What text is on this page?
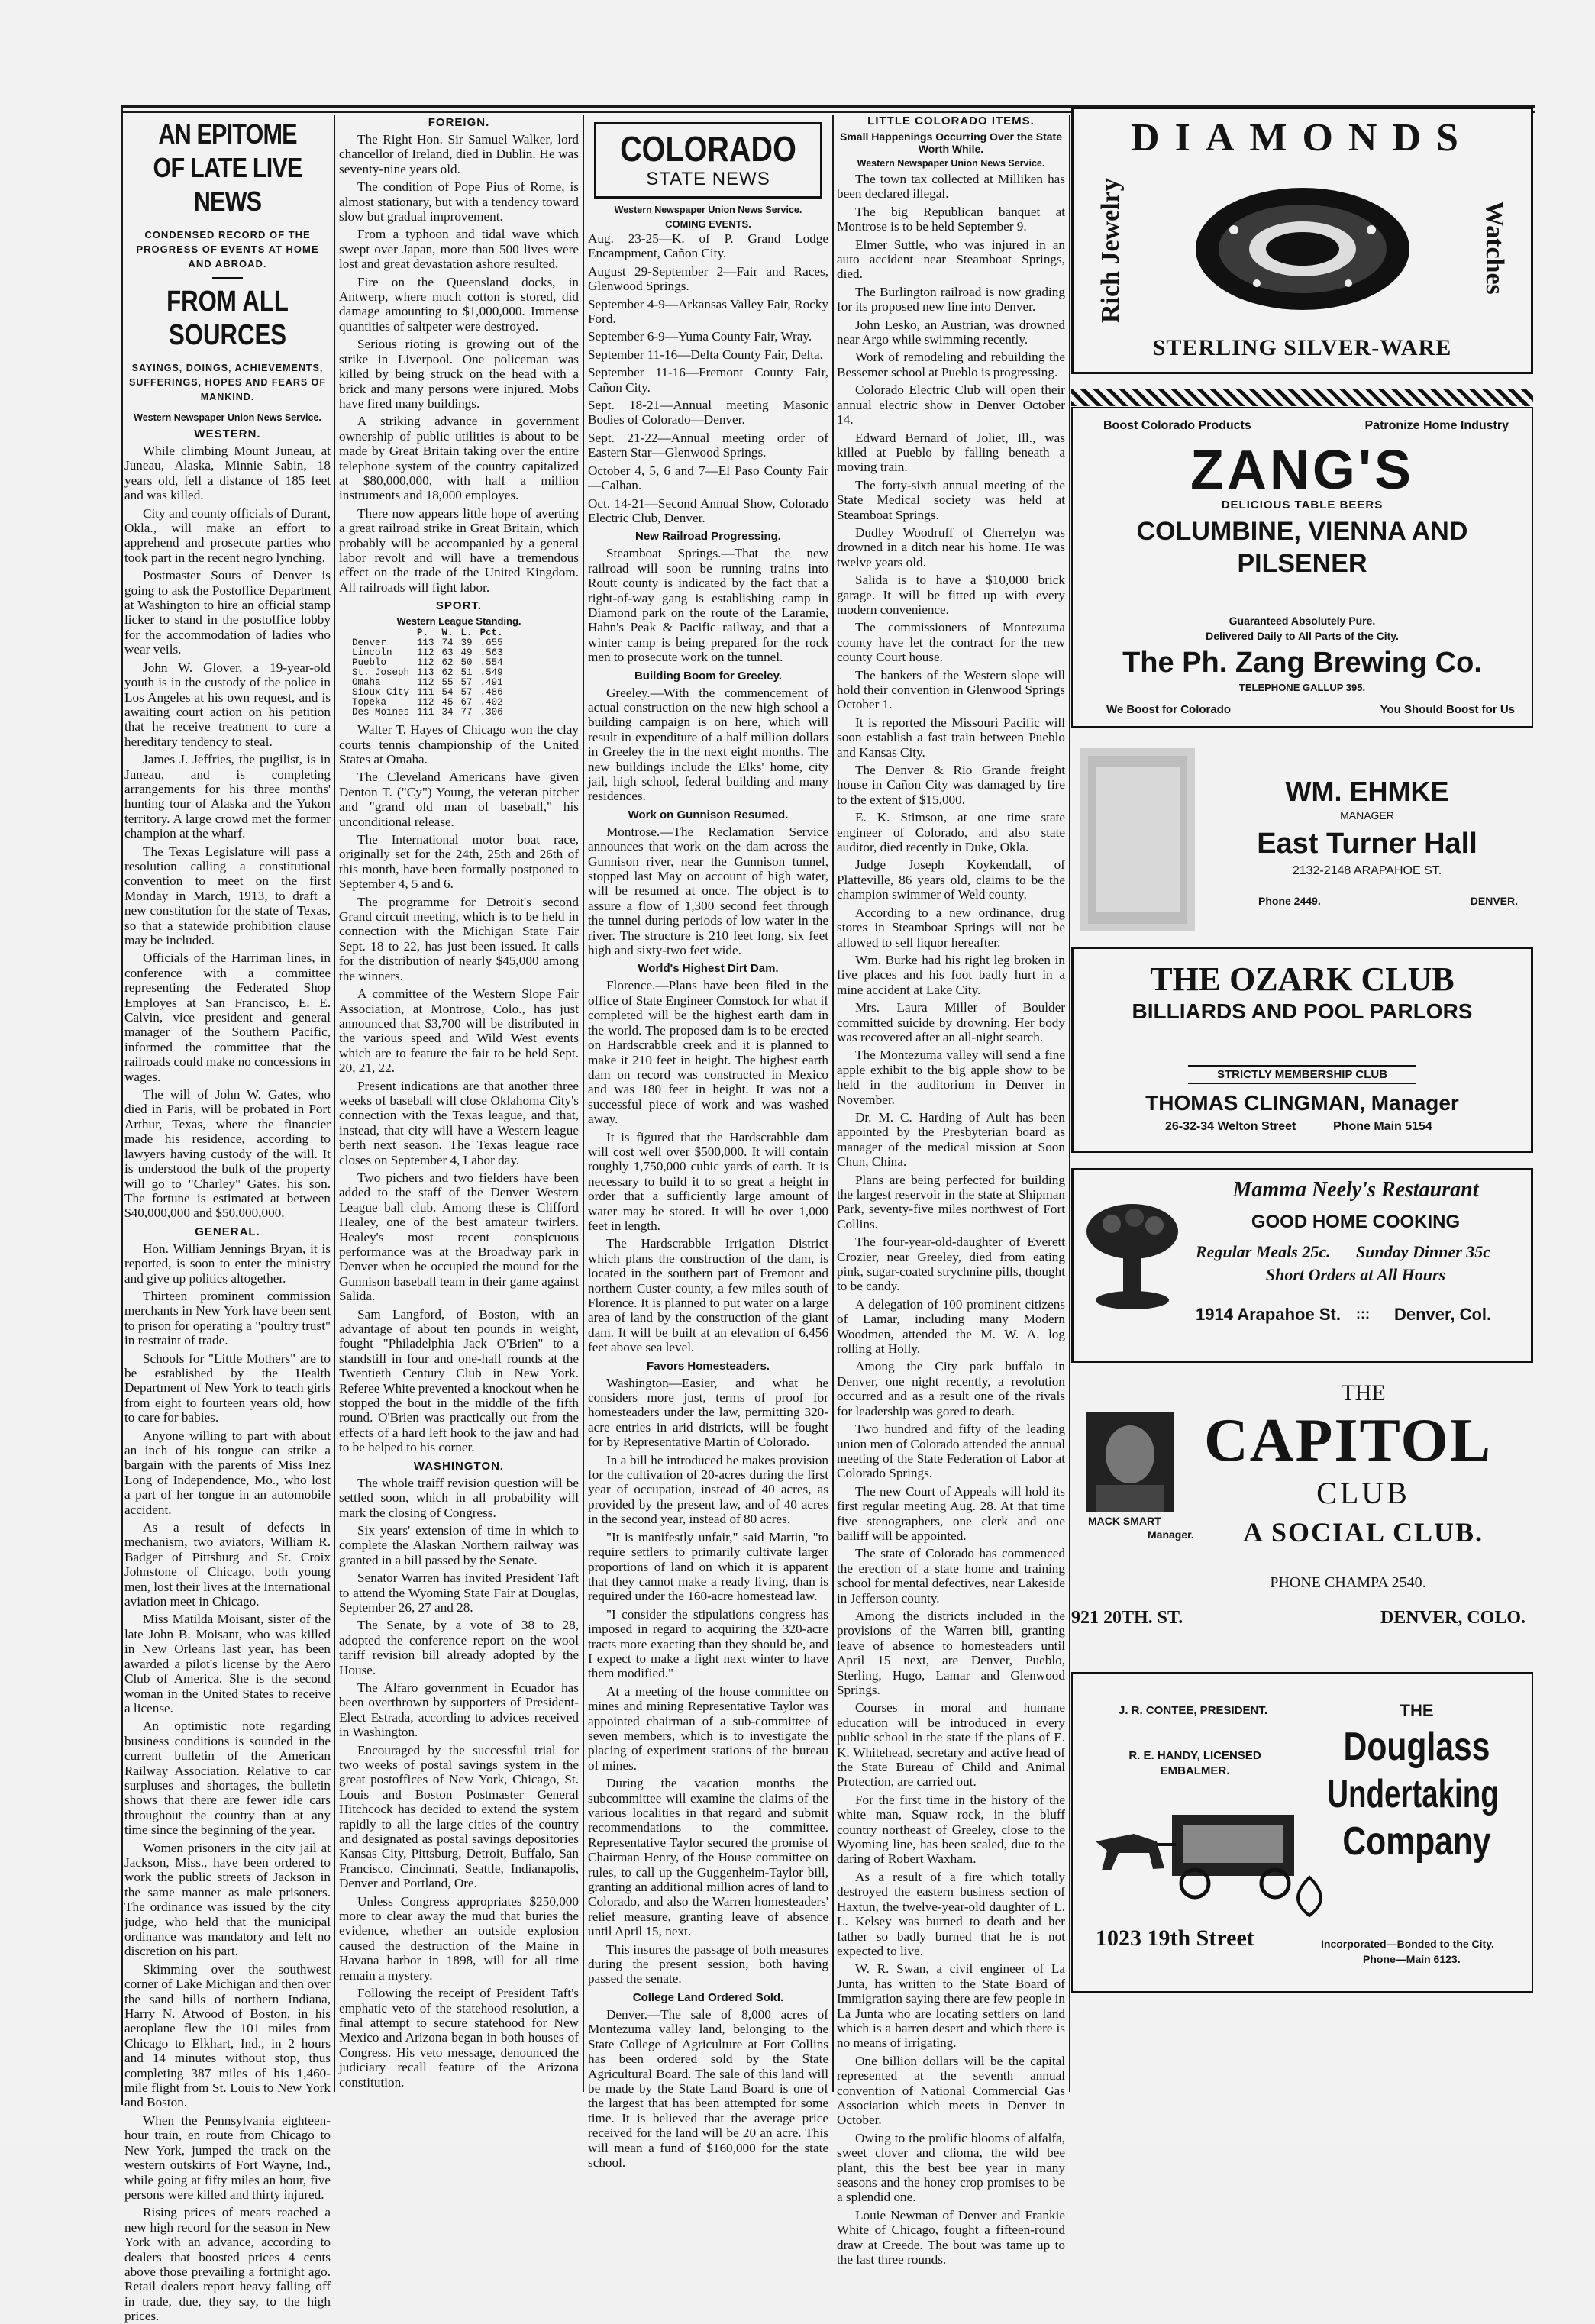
AN EPITOME OF LATE LIVE NEWS
CONDENSED RECORD OF THE PROGRESS OF EVENTS AT HOME AND ABROAD.
FROM ALL SOURCES
SAYINGS, DOINGS, ACHIEVEMENTS, SUFFERINGS, HOPES AND FEARS OF MANKIND.
Western Newspaper Union News Service.
WESTERN.

While climbing Mount Juneau, at Juneau, Alaska, Minnie Sabin, 18 years old, fell a distance of 185 feet and was killed.

City and county officials of Durant, Okla., will make an effort to apprehend and prosecute parties who took part in the recent negro lynching.

Postmaster Sours of Denver is going to ask the Postoffice Department at Washington to hire an official stamp licker to stand in the postoffice lobby for the accommodation of ladies who wear veils.

John W. Glover, a 19-year-old youth is in the custody of the police in Los Angeles at his own request, and is awaiting court action on his petition that he receive treatment to cure a hereditary tendency to steal.

James J. Jeffries, the pugilist, is in Juneau, and is completing arrangements for his three months' hunting tour of Alaska and the Yukon territory. A large crowd met the former champion at the wharf.

The Texas Legislature will pass a resolution calling a constitutional convention to meet on the first Monday in March, 1913, to draft a new constitution for the state of Texas, so that a statewide prohibition clause may be included.

Officials of the Harriman lines, in conference with a committee representing the Federated Shop Employes at San Francisco, E. E. Calvin, vice president and general manager of the Southern Pacific, informed the committee that the railroads could make no concessions in wages.

The will of John W. Gates, who died in Paris, will be probated in Port Arthur, Texas, where the financier made his residence, according to lawyers having custody of the will. It is understood the bulk of the property will go to "Charley" Gates, his son. The fortune is estimated at between $40,000,000 and $50,000,000.

GENERAL.

Hon. William Jennings Bryan, it is reported, is soon to enter the ministry and give up politics altogether.

Thirteen prominent commission merchants in New York have been sent to prison for operating a "poultry trust" in restraint of trade.

Schools for "Little Mothers" are to be established by the Health Department of New York to teach girls from eight to fourteen years old, how to care for babies.

Anyone willing to part with about an inch of his tongue can strike a bargain with the parents of Miss Inez Long of Independence, Mo., who lost a part of her tongue in an automobile accident.

As a result of defects in mechanism, two aviators, William R. Badger of Pittsburg and St. Croix Johnstone of Chicago, both young men, lost their lives at the International aviation meet in Chicago.

Miss Matilda Moisant, sister of the late John B. Moisant, who was killed in New Orleans last year, has been awarded a pilot's license by the Aero Club of America. She is the second woman in the United States to receive a license.

An optimistic note regarding business conditions is sounded in the current bulletin of the American Railway Association. Relative to car surpluses and shortages, the bulletin shows that there are fewer idle cars throughout the country than at any time since the beginning of the year.

Women prisoners in the city jail at Jackson, Miss., have been ordered to work the public streets of Jackson in the same manner as male prisoners. The ordinance was issued by the city judge, who held that the municipal ordinance was mandatory and left no discretion on his part.

Skimming over the southwest corner of Lake Michigan and then over the sand hills of northern Indiana, Harry N. Atwood of Boston, in his aeroplane flew the 101 miles from Chicago to Elkhart, Ind., in 2 hours and 14 minutes without stop, thus completing 387 miles of his 1,460-mile flight from St. Louis to New York and Boston.

When the Pennsylvania eighteen-hour train, en route from Chicago to New York, jumped the track on the western outskirts of Fort Wayne, Ind., while going at fifty miles an hour, five persons were killed and thirty injured.

Rising prices of meats reached a new high record for the season in New York with an advance, according to dealers that boosted prices 4 cents above those prevailing a fortnight ago. Retail dealers report heavy falling off in trade, due, they say, to the high prices.

FOREIGN.

The Right Hon. Sir Samuel Walker, lord chancellor of Ireland, died in Dublin. He was seventy-nine years old.

The condition of Pope Pius of Rome, is almost stationary, but with a tendency toward slow but gradual improvement.

From a typhoon and tidal wave which swept over Japan, more than 500 lives were lost and great devastation ashore resulted.

Fire on the Queensland docks, in Antwerp, where much cotton is stored, did damage amounting to $1,000,000. Immense quantities of saltpeter were destroyed.

Serious rioting is growing out of the strike in Liverpool. One policeman was killed by being struck on the head with a brick and many persons were injured. Mobs have fired many buildings.

A striking advance in government ownership of public utilities is about to be made by Great Britain taking over the entire telephone system of the country capitalized at $80,000,000, with half a million instruments and 18,000 employes.

There now appears little hope of averting a great railroad strike in Great Britain, which probably will be accompanied by a general labor revolt and will have a tremendous effect on the trade of the United Kingdom. All railroads will fight labor.

SPORT.
Western League Standing.
	P.	W.	L.	Pct.
Denver	113	74	39	.655
Lincoln	112	63	49	.563
Pueblo	112	62	50	.554
St. Joseph	113	62	51	.549
Omaha	112	55	57	.491
Sioux City	111	54	57	.486
Topeka	112	45	67	.402
Des Moines	111	34	77	.306

Walter T. Hayes of Chicago won the clay courts tennis championship of the United States at Omaha.

The Cleveland Americans have given Denton T. ("Cy") Young, the veteran pitcher and "grand old man of baseball," his unconditional release.

The International motor boat race, originally set for the 24th, 25th and 26th of this month, have been formally postponed to September 4, 5 and 6.

The programme for Detroit's second Grand circuit meeting, which is to be held in connection with the Michigan State Fair Sept. 18 to 22, has just been issued. It calls for the distribution of nearly $45,000 among the winners.

A committee of the Western Slope Fair Association, at Montrose, Colo., has just announced that $3,700 will be distributed in the various speed and Wild West events which are to feature the fair to be held Sept. 20, 21, 22.

Present indications are that another three weeks of baseball will close Oklahoma City's connection with the Texas league, and that, instead, that city will have a Western league berth next season. The Texas league race closes on September 4, Labor day.

Two pichers and two fielders have been added to the staff of the Denver Western League ball club. Among these is Clifford Healey, one of the best amateur twirlers. Healey's most recent conspicuous performance was at the Broadway park in Denver when he occupied the mound for the Gunnison baseball team in their game against Salida.

Sam Langford, of Boston, with an advantage of about ten pounds in weight, fought "Philadelphia Jack O'Brien" to a standstill in four and one-half rounds at the Twentieth Century Club in New York. Referee White prevented a knockout when he stopped the bout in the middle of the fifth round. O'Brien was practically out from the effects of a hard left hook to the jaw and had to be helped to his corner.

WASHINGTON.

The whole traiff revision question will be settled soon, which in all probability will mark the closing of Congress.

Six years' extension of time in which to complete the Alaskan Northern railway was granted in a bill passed by the Senate.

Senator Warren has invited President Taft to attend the Wyoming State Fair at Douglas, September 26, 27 and 28.

The Senate, by a vote of 38 to 28, adopted the conference report on the wool tariff revision bill already adopted by the House.

The Alfaro government in Ecuador has been overthrown by supporters of President-Elect Estrada, according to advices received in Washington.

Encouraged by the successful trial for two weeks of postal savings system in the great postoffices of New York, Chicago, St. Louis and Boston Postmaster General Hitchcock has decided to extend the system rapidly to all the large cities of the country and designated as postal savings depositories Kansas City, Pittsburg, Detroit, Buffalo, San Francisco, Cincinnati, Seattle, Indianapolis, Denver and Portland, Ore.

Unless Congress appropriates $250,000 more to clear away the mud that buries the evidence, whether an outside explosion caused the destruction of the Maine in Havana harbor in 1898, will for all time remain a mystery.

Following the receipt of President Taft's emphatic veto of the statehood resolution, a final attempt to secure statehood for New Mexico and Arizona began in both houses of Congress. His veto message, denounced the judiciary recall feature of the Arizona constitution.

COLORADO
STATE NEWS
Western Newspaper Union News Service.
COMING EVENTS.

Aug. 23-25—K. of P. Grand Lodge Encampment, Cañon City.

August 29-September 2—Fair and Races, Glenwood Springs.

September 4-9—Arkansas Valley Fair, Rocky Ford.

September 6-9—Yuma County Fair, Wray.

September 11-16—Delta County Fair, Delta.

September 11-16—Fremont County Fair, Cañon City.

Sept. 18-21—Annual meeting Masonic Bodies of Colorado—Denver.

Sept. 21-22—Annual meeting order of Eastern Star—Glenwood Springs.

October 4, 5, 6 and 7—El Paso County Fair—Calhan.

Oct. 14-21—Second Annual Show, Colorado Electric Club, Denver.

New Railroad Progressing.

Steamboat Springs.—That the new railroad will soon be running trains into Routt county is indicated by the fact that a right-of-way gang is establishing camp in Diamond park on the route of the Laramie, Hahn's Peak & Pacific railway, and that a winter camp is being prepared for the rock men to prosecute work on the tunnel.

Building Boom for Greeley.

Greeley.—With the commencement of actual construction on the new high school a building campaign is on here, which will result in expenditure of a half million dollars in Greeley the in the next eight months. The new buildings include the Elks' home, city jail, high school, federal building and many residences.

Work on Gunnison Resumed.

Montrose.—The Reclamation Service announces that work on the dam across the Gunnison river, near the Gunnison tunnel, stopped last May on account of high water, will be resumed at once. The object is to assure a flow of 1,300 second feet through the tunnel during periods of low water in the river. The structure is 210 feet long, six feet high and sixty-two feet wide.

World's Highest Dirt Dam.

Florence.—Plans have been filed in the office of State Engineer Comstock for what if completed will be the highest earth dam in the world. The proposed dam is to be erected on Hardscrabble creek and it is planned to make it 210 feet in height. The highest earth dam on record was constructed in Mexico and was 180 feet in height. It was not a successful piece of work and was washed away.

It is figured that the Hardscrabble dam will cost well over $500,000. It will contain roughly 1,750,000 cubic yards of earth. It is necessary to build it to so great a height in order that a sufficiently large amount of water may be stored. It will be over 1,000 feet in length.

The Hardscrabble Irrigation District which plans the construction of the dam, is located in the southern part of Fremont and northern Custer county, a few miles south of Florence. It is planned to put water on a large area of land by the construction of the giant dam. It will be built at an elevation of 6,456 feet above sea level.

Favors Homesteaders.

Washington—Easier, and what he considers more just, terms of proof for homesteaders under the law, permitting 320-acre entries in arid districts, will be fought for by Representative Martin of Colorado.

In a bill he introduced he makes provision for the cultivation of 20-acres during the first year of occupation, instead of 40 acres, as provided by the present law, and of 40 acres in the second year, instead of 80 acres.

"It is manifestly unfair," said Martin, "to require settlers to primarily cultivate larger proportions of land on which it is apparent that they cannot make a ready living, than is required under the 160-acre homestead law.

"I consider the stipulations congress has imposed in regard to acquiring the 320-acre tracts more exacting than they should be, and I expect to make a fight next winter to have them modified."

At a meeting of the house committee on mines and mining Representative Taylor was appointed chairman of a sub-committee of seven members, which is to investigate the placing of experiment stations of the bureau of mines.

During the vacation months the subcommittee will examine the claims of the various localities in that regard and submit recommendations to the committee. Representative Taylor secured the promise of Chairman Henry, of the House committee on rules, to call up the Guggenheim-Taylor bill, granting an additional million acres of land to Colorado, and also the Warren homesteaders' relief measure, granting leave of absence until April 15, next.

This insures the passage of both measures during the present session, both having passed the senate.

College Land Ordered Sold.

Denver.—The sale of 8,000 acres of Montezuma valley land, belonging to the State College of Agriculture at Fort Collins has been ordered sold by the State Agricultural Board. The sale of this land will be made by the State Land Board is one of the largest that has been attempted for some time. It is believed that the average price received for the land will be 20 an acre. This will mean a fund of $160,000 for the state school.

LITTLE COLORADO ITEMS.
Small Happenings Occurring Over the State Worth While.
Western Newspaper Union News Service.

The town tax collected at Milliken has been declared illegal.

The big Republican banquet at Montrose is to be held September 9.

Elmer Suttle, who was injured in an auto accident near Steamboat Springs, died.

The Burlington railroad is now grading for its proposed new line into Denver.

John Lesko, an Austrian, was drowned near Argo while swimming recently.

Work of remodeling and rebuilding the Bessemer school at Pueblo is progressing.

Colorado Electric Club will open their annual electric show in Denver October 14.

Edward Bernard of Joliet, Ill., was killed at Pueblo by falling beneath a moving train.

The forty-sixth annual meeting of the State Medical society was held at Steamboat Springs.

Dudley Woodruff of Cherrelyn was drowned in a ditch near his home. He was twelve years old.

Salida is to have a $10,000 brick garage. It will be fitted up with every modern convenience.

The commissioners of Montezuma county have let the contract for the new county Court house.

The bankers of the Western slope will hold their convention in Glenwood Springs October 1.

It is reported the Missouri Pacific will soon establish a fast train between Pueblo and Kansas City.

The Denver & Rio Grande freight house in Cañon City was damaged by fire to the extent of $15,000.

E. K. Stimson, at one time state engineer of Colorado, and also state auditor, died recently in Duke, Okla.

Judge Joseph Koykendall, of Platteville, 86 years old, claims to be the champion swimmer of Weld county.

According to a new ordinance, drug stores in Steamboat Springs will not be allowed to sell liquor hereafter.

Wm. Burke had his right leg broken in five places and his foot badly hurt in a mine accident at Lake City.

Mrs. Laura Miller of Boulder committed suicide by drowning. Her body was recovered after an all-night search.

The Montezuma valley will send a fine apple exhibit to the big apple show to be held in the auditorium in Denver in November.

Dr. M. C. Harding of Ault has been appointed by the Presbyterian board as manager of the medical mission at Soon Chun, China.

Plans are being perfected for building the largest reservoir in the state at Shipman Park, seventy-five miles northwest of Fort Collins.

The four-year-old-daughter of Everett Crozier, near Greeley, died from eating pink, sugar-coated strychnine pills, thought to be candy.

A delegation of 100 prominent citizens of Lamar, including many Modern Woodmen, attended the M. W. A. log rolling at Holly.

Among the City park buffalo in Denver, one night recently, a revolution occurred and as a result one of the rivals for leadership was gored to death.

Two hundred and fifty of the leading union men of Colorado attended the annual meeting of the State Federation of Labor at Colorado Springs.

The new Court of Appeals will hold its first regular meeting Aug. 28. At that time five stenographers, one clerk and one bailiff will be appointed.

The state of Colorado has commenced the erection of a state home and training school for mental defectives, near Lakeside in Jefferson county.

Among the districts included in the provisions of the Warren bill, granting leave of absence to homesteaders until April 15 next, are Denver, Pueblo, Sterling, Hugo, Lamar and Glenwood Springs.

Courses in moral and humane education will be introduced in every public school in the state if the plans of E. K. Whitehead, secretary and active head of the State Bureau of Child and Animal Protection, are carried out.

For the first time in the history of the white man, Squaw rock, in the bluff country northeast of Greeley, close to the Wyoming line, has been scaled, due to the daring of Robert Waxham.

As a result of a fire which totally destroyed the eastern business section of Haxtun, the twelve-year-old daughter of L. L. Kelsey was burned to death and her father so badly burned that he is not expected to live.

W. R. Swan, a civil engineer of La Junta, has written to the State Board of Immigration saying there are few people in La Junta who are locating settlers on land which is a barren desert and which there is no means of irrigating.

One billion dollars will be the capital represented at the seventh annual convention of National Commercial Gas Association which meets in Denver in October.

Owing to the prolific blooms of alfalfa, sweet clover and clioma, the wild bee plant, this the best bee year in many seasons and the honey crop promises to be a splendid one.

Louie Newman of Denver and Frankie White of Chicago, fought a fifteen-round draw at Creede. The bout was tame up to the last three rounds.

DIAMONDS
Rich Jewelry	Watches
STERLING SILVER-WARE
Boost Colorado Products	Patronize Home Industry
ZANG'S
DELICIOUS TABLE BEERS
COLUMBINE, VIENNA AND PILSENER
Guaranteed Absolutely Pure.
Delivered Daily to All Parts of the City.
The Ph. Zang Brewing Co.
TELEPHONE GALLUP 395.
We Boost for Colorado	You Should Boost for Us
WM. EHMKE
MANAGER
East Turner Hall
2132-2148 ARAPAHOE ST.
Phone 2449.	DENVER.
THE OZARK CLUB
BILLIARDS AND POOL PARLORS
STRICTLY MEMBERSHIP CLUB
THOMAS CLINGMAN, Manager
26-32-34 Welton Street	Phone Main 5154
Mamma Neely's Restaurant
GOOD HOME COOKING
Regular Meals 25c. Sunday Dinner 35c
Short Orders at All Hours
1914 Arapahoe St. ::: Denver, Col.
THE
CAPITOL
CLUB
MACK SMART
Manager.	A SOCIAL CLUB.
PHONE CHAMPA 2540.
921 20TH. ST.	DENVER, COLO.
J. R. CONTEE, PRESIDENT.
R. E. HANDY, LICENSED EMBALMER.
THE
Douglass
Undertaking
Company
1023 19th Street	Incorporated—Bonded to the City.
Phone—Main 6123.
